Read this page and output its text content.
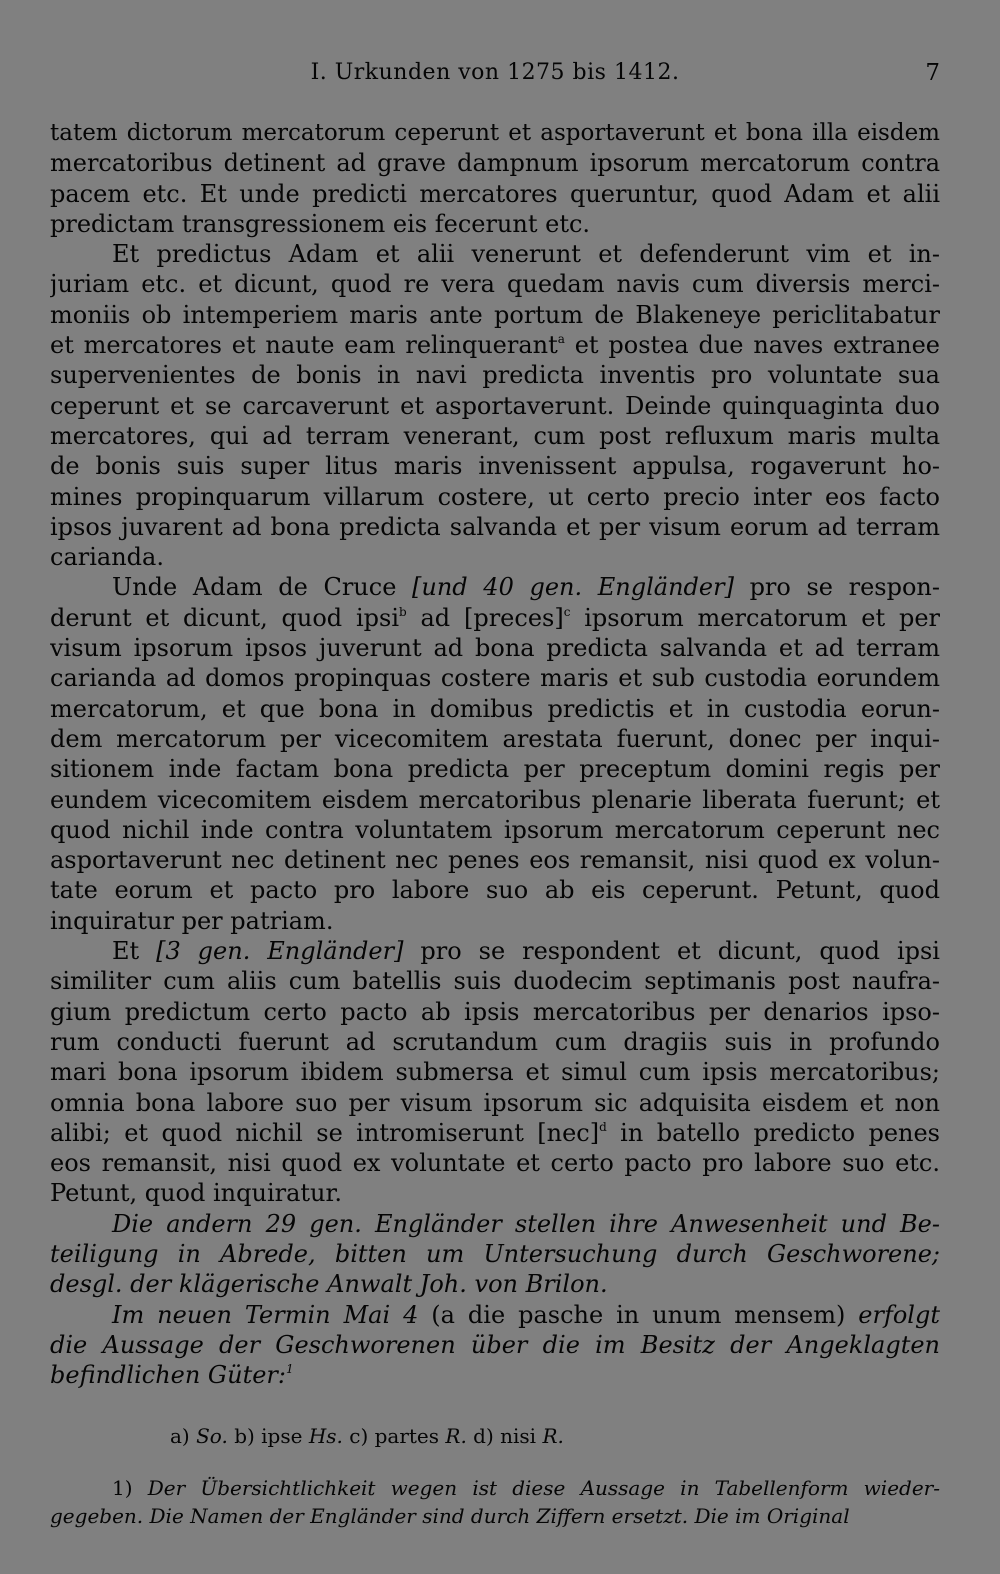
I. Urkunden von 1275 bis 1412.	7
tatem dictorum mercatorum ceperunt et asportaverunt et bona illa eisdem
mercatoribus detinent ad grave dampnum ipsorum mercatorum contra
pacem etc. Et unde predicti mercatores queruntur, quod Adam et alii
predictam transgressionem eis fecerunt etc.
Et predictus Adam et alii venerunt et defenderunt vim et in-
juriam etc. et dicunt, quod re vera quedam navis cum diversis merci-
moniis ob intemperiem maris ante portum de Blakeneye periclitabatur
et mercatores et naute eam relinquerant$^a$ et postea due naves extranee
supervenientes de bonis in navi predicta inventis pro voluntate sua
ceperunt et se carcaverunt et asportaverunt. Deinde quinquaginta duo
mercatores, qui ad terram venerant, cum post refluxum maris multa
de bonis suis super litus maris invenissent appulsa, rogaverunt ho-
mines propinquarum villarum costere, ut certo precio inter eos facto
ipsos juvarent ad bona predicta salvanda et per visum eorum ad terram
carianda.
Unde Adam de Cruce [und 40 gen. Engländer] pro se respon-
derunt et dicunt, quod ipsi$^b$ ad [preces]$^c$ ipsorum mercatorum et per
visum ipsorum ipsos juverunt ad bona predicta salvanda et ad terram
carianda ad domos propinquas costere maris et sub custodia eorundem
mercatorum, et que bona in domibus predictis et in custodia eorun-
dem mercatorum per vicecomitem arestata fuerunt, donec per inqui-
sitionem inde factam bona predicta per preceptum domini regis per
eundem vicecomitem eisdem mercatoribus plenarie liberata fuerunt; et
quod nichil inde contra voluntatem ipsorum mercatorum ceperunt nec
asportaverunt nec detinent nec penes eos remansit, nisi quod ex volun-
tate eorum et pacto pro labore suo ab eis ceperunt. Petunt, quod
inquiratur per patriam.
Et [3 gen. Engländer] pro se respondent et dicunt, quod ipsi
similiter cum aliis cum batellis suis duodecim septimanis post naufra-
gium predictum certo pacto ab ipsis mercatoribus per denarios ipso-
rum conducti fuerunt ad scrutandum cum dragiis suis in profundo
mari bona ipsorum ibidem submersa et simul cum ipsis mercatoribus;
omnia bona labore suo per visum ipsorum sic adquisita eisdem et non
alibi; et quod nichil se intromiserunt [nec]$^d$ in batello predicto penes
eos remansit, nisi quod ex voluntate et certo pacto pro labore suo etc.
Petunt, quod inquiratur.
Die andern 29 gen. Engländer stellen ihre Anwesenheit und Be-
teiligung in Abrede, bitten um Untersuchung durch Geschworene;
desgl. der klägerische Anwalt Joh. von Brilon.
Im neuen Termin Mai 4 (a die pasche in unum mensem) erfolgt
die Aussage der Geschworenen über die im Besitz der Angeklagten
befindlichen Güter:$^1$
a) So. b) ipse Hs. c) partes R. d) nisi R.
1) Der Übersichtlichkeit wegen ist diese Aussage in Tabellenform wieder-
gegeben. Die Namen der Engländer sind durch Ziffern ersetzt. Die im Original
